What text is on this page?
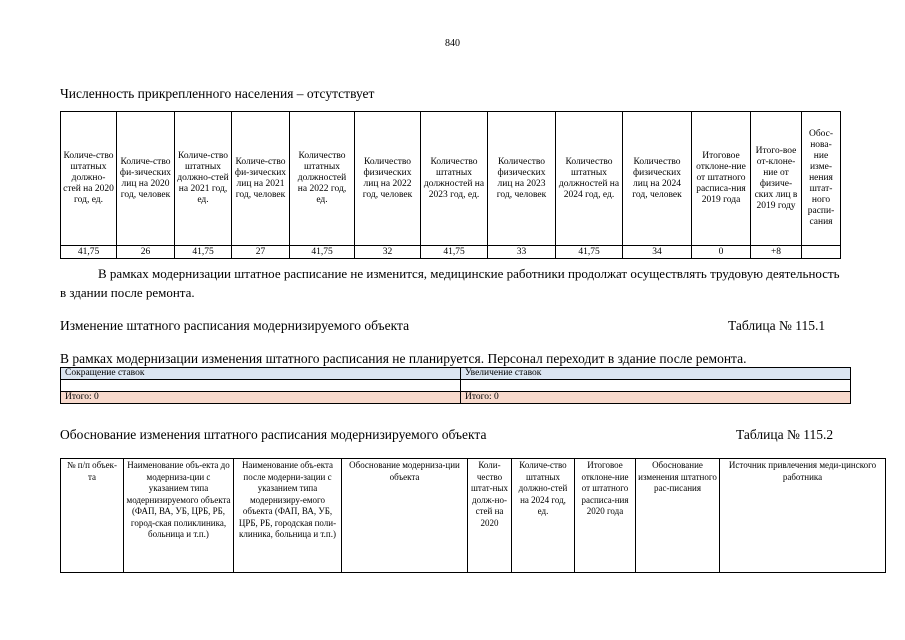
840
Численность прикрепленного населения – отсутствует
Количе-ство штатных должно-стей на 2020 год, ед.	Количе-ство фи-зических лиц на 2020 год, человек	Количе-ство штатных должно-стей на 2021 год, ед.	Количе-ство фи-зических лиц на 2021 год, человек	Количество штатных должностей на 2022 год, ед.	Количество физических лиц на 2022 год, человек	Количество штатных должностей на 2023 год, ед.	Количество физических лиц на 2023 год, человек	Количество штатных должностей на 2024 год, ед.	Количество физических лиц на 2024 год, человек	Итоговое отклоне-ние от штатного расписа-ния 2019 года	Итого-вое от-клоне-ние от физиче-ских лиц в 2019 году	Обос-нова-ние изме-нения штат-ного распи-сания
41,75	26	41,75	27	41,75	32	41,75	33	41,75	34	0	+8	
В рамках модернизации штатное расписание не изменится, медицинские работники продолжат осуществлять трудовую деятельность в здании после ремонта.
Изменение штатного расписания модернизируемого объекта	Таблица № 115.1
В рамках модернизации изменения штатного расписания не планируется. Персонал переходит в здание после ремонта.
Сокращение ставок	Увеличение ставок

Итого: 0	Итого: 0
Обоснование изменения штатного расписания модернизируемого объекта	Таблица № 115.2
№ п/п объек-та	Наименование объ-екта до модерниза-ции с указанием типа модернизируемого объекта (ФАП, ВА, УБ, ЦРБ, РБ, город-ская поликлиника, больница и т.п.)	Наименование объ-екта после модерни-зации с указанием типа модернизиру-емого объекта (ФАП, ВА, УБ, ЦРБ, РБ, городская поли-клиника, больница и т.п.)	Обоснование модерниза-ции объекта	Коли-чество штат-ных долж-но-стей на 2020	Количе-ство штатных должно-стей на 2024 год, ед.	Итоговое отклоне-ние от штатного расписа-ния 2020 года	Обоснование изменения штатного рас-писания	Источник привлечения меди-цинского работника
